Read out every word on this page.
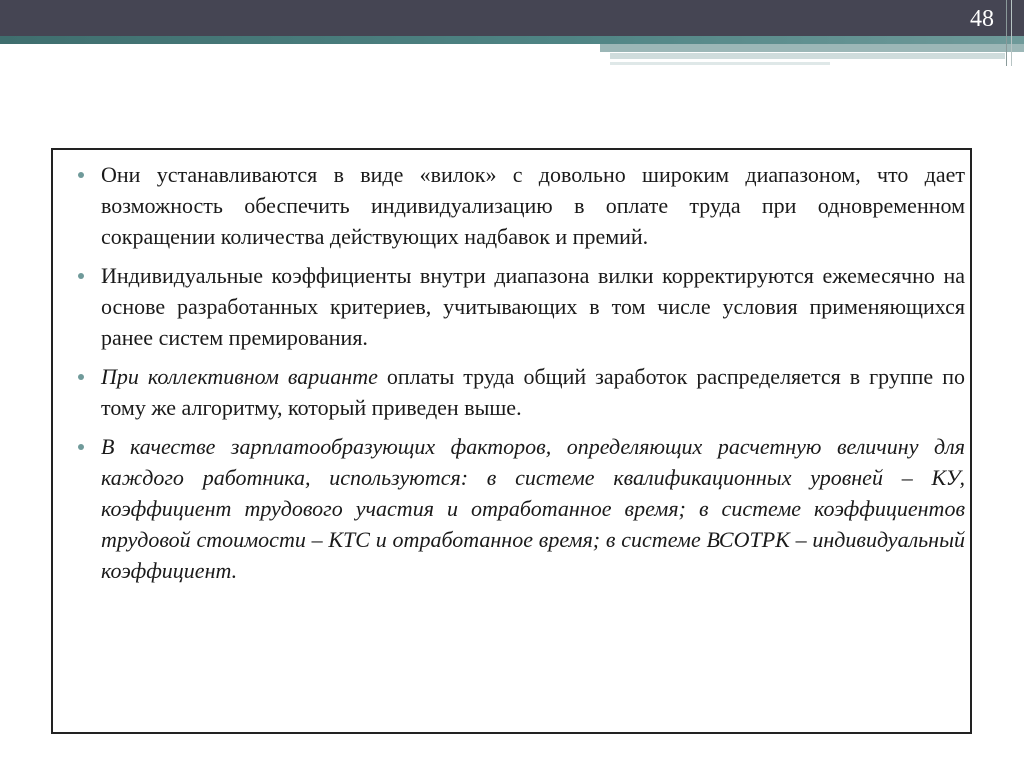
48
Они устанавливаются в виде «вилок» с довольно широким диапазоном, что дает возможность обеспечить индивидуализацию в оплате труда при одновременном сокращении количества действующих надбавок и премий.
Индивидуальные коэффициенты внутри диапазона вилки корректируются ежемесячно на основе разработанных критериев, учитывающих в том числе условия применяющихся ранее систем премирования.
При коллективном варианте оплаты труда общий заработок распределяется в группе по тому же алгоритму, который приведен выше.
В качестве зарплатообразующих факторов, определяющих расчетную величину для каждого работника, используются: в системе квалификационных уровней – КУ, коэффициент трудового участия и отработанное время; в системе коэффициентов трудовой стоимости – КТС и отработанное время; в системе ВСОТРК – индивидуальный коэффициент.
